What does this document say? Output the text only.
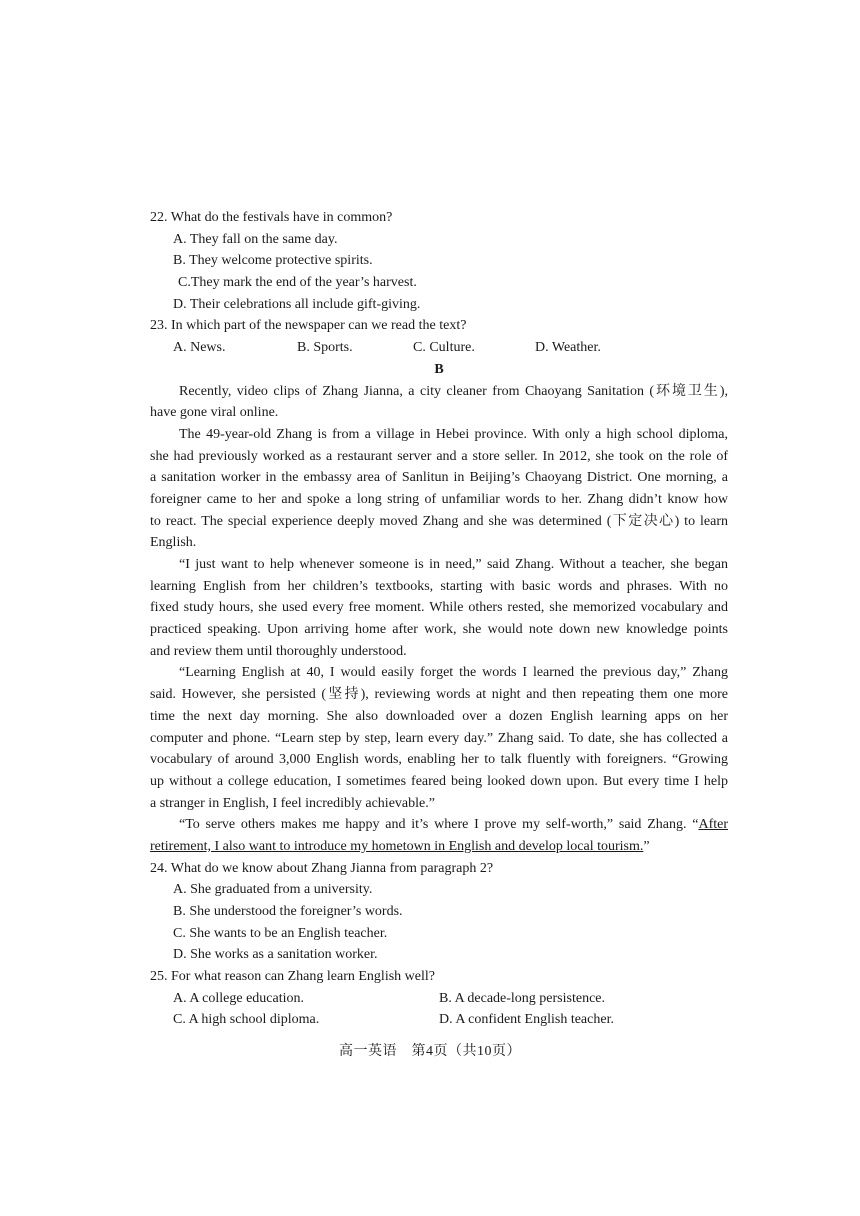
22. What do the festivals have in common?
A. They fall on the same day.
B. They welcome protective spirits.
C.They mark the end of the year’s harvest.
D. Their celebrations all include gift-giving.
23. In which part of the newspaper can we read the text?
A. News.	B. Sports.	C. Culture.	D. Weather.
B
Recently, video clips of Zhang Jianna, a city cleaner from Chaoyang Sanitation (环境卫生),
have gone viral online.
The 49-year-old Zhang is from a village in Hebei province. With only a high school diploma,
she had previously worked as a restaurant server and a store seller. In 2012, she took on the role of
a sanitation worker in the embassy area of Sanlitun in Beijing’s Chaoyang District. One morning, a
foreigner came to her and spoke a long string of unfamiliar words to her. Zhang didn’t know how
to react. The special experience deeply moved Zhang and she was determined (下定决心) to learn
English.
“I just want to help whenever someone is in need,” said Zhang. Without a teacher, she began
learning English from her children’s textbooks, starting with basic words and phrases. With no
fixed study hours, she used every free moment. While others rested, she memorized vocabulary and
practiced speaking. Upon arriving home after work, she would note down new knowledge points
and review them until thoroughly understood.
“Learning English at 40, I would easily forget the words I learned the previous day,” Zhang
said. However, she persisted (坚持), reviewing words at night and then repeating them one more
time the next day morning. She also downloaded over a dozen English learning apps on her
computer and phone. “Learn step by step, learn every day.” Zhang said. To date, she has collected a
vocabulary of around 3,000 English words, enabling her to talk fluently with foreigners. “Growing
up without a college education, I sometimes feared being looked down upon. But every time I help
a stranger in English, I feel incredibly achievable.”
“To serve others makes me happy and it’s where I prove my self-worth,” said Zhang. “After
retirement, I also want to introduce my hometown in English and develop local tourism.”
24. What do we know about Zhang Jianna from paragraph 2?
A. She graduated from a university.
B. She understood the foreigner’s words.
C. She wants to be an English teacher.
D. She works as a sanitation worker.
25. For what reason can Zhang learn English well?
A. A college education.	B. A decade-long persistence.
C. A high school diploma.	D. A confident English teacher.
高一英语　第4页（共10页）
